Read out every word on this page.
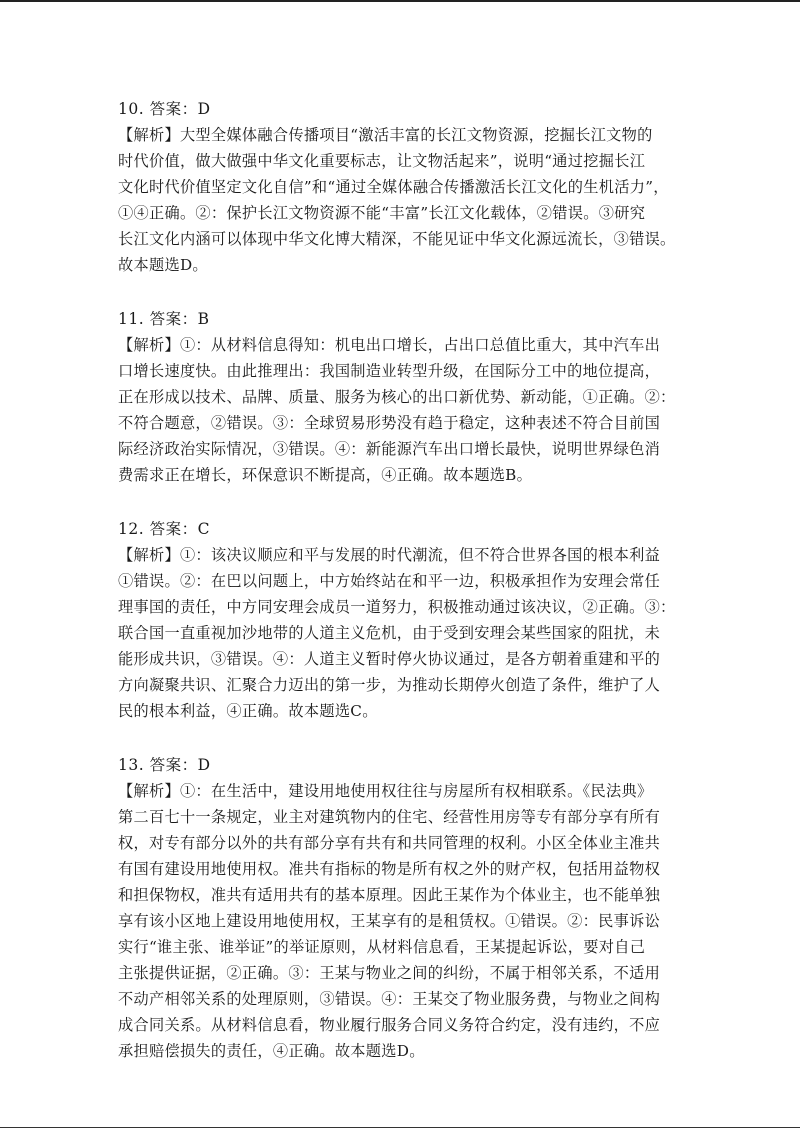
10. 答案：D
【解析】大型全媒体融合传播项目“激活丰富的长江文物资源，挖掘长江文物的
时代价值，做大做强中华文化重要标志，让文物活起来”，说明“通过挖掘长江
文化时代价值坚定文化自信”和“通过全媒体融合传播激活长江文化的生机活力”，
①④正确。②：保护长江文物资源不能“丰富”长江文化载体，②错误。③研究
长江文化内涵可以体现中华文化博大精深，不能见证中华文化源远流长，③错误。
故本题选D。
11. 答案：B
【解析】①：从材料信息得知：机电出口增长，占出口总值比重大，其中汽车出
口增长速度快。由此推理出：我国制造业转型升级，在国际分工中的地位提高，
正在形成以技术、品牌、质量、服务为核心的出口新优势、新动能，①正确。②：
不符合题意，②错误。③：全球贸易形势没有趋于稳定，这种表述不符合目前国
际经济政治实际情况，③错误。④：新能源汽车出口增长最快，说明世界绿色消
费需求正在增长，环保意识不断提高，④正确。故本题选B。
12. 答案：C
【解析】①：该决议顺应和平与发展的时代潮流，但不符合世界各国的根本利益
①错误。②：在巴以问题上，中方始终站在和平一边，积极承担作为安理会常任
理事国的责任，中方同安理会成员一道努力，积极推动通过该决议，②正确。③：
联合国一直重视加沙地带的人道主义危机，由于受到安理会某些国家的阻扰，未
能形成共识，③错误。④：人道主义暂时停火协议通过，是各方朝着重建和平的
方向凝聚共识、汇聚合力迈出的第一步，为推动长期停火创造了条件，维护了人
民的根本利益，④正确。故本题选C。
13. 答案：D
【解析】①：在生活中，建设用地使用权往往与房屋所有权相联系。《民法典》
第二百七十一条规定，业主对建筑物内的住宅、经营性用房等专有部分享有所有
权，对专有部分以外的共有部分享有共有和共同管理的权利。小区全体业主准共
有国有建设用地使用权。准共有指标的物是所有权之外的财产权，包括用益物权
和担保物权，准共有适用共有的基本原理。因此王某作为个体业主，也不能单独
享有该小区地上建设用地使用权，王某享有的是租赁权。①错误。②：民事诉讼
实行“谁主张、谁举证”的举证原则，从材料信息看，王某提起诉讼，要对自己
主张提供证据，②正确。③：王某与物业之间的纠纷，不属于相邻关系，不适用
不动产相邻关系的处理原则，③错误。④：王某交了物业服务费，与物业之间构
成合同关系。从材料信息看，物业履行服务合同义务符合约定，没有违约，不应
承担赔偿损失的责任，④正确。故本题选D。
